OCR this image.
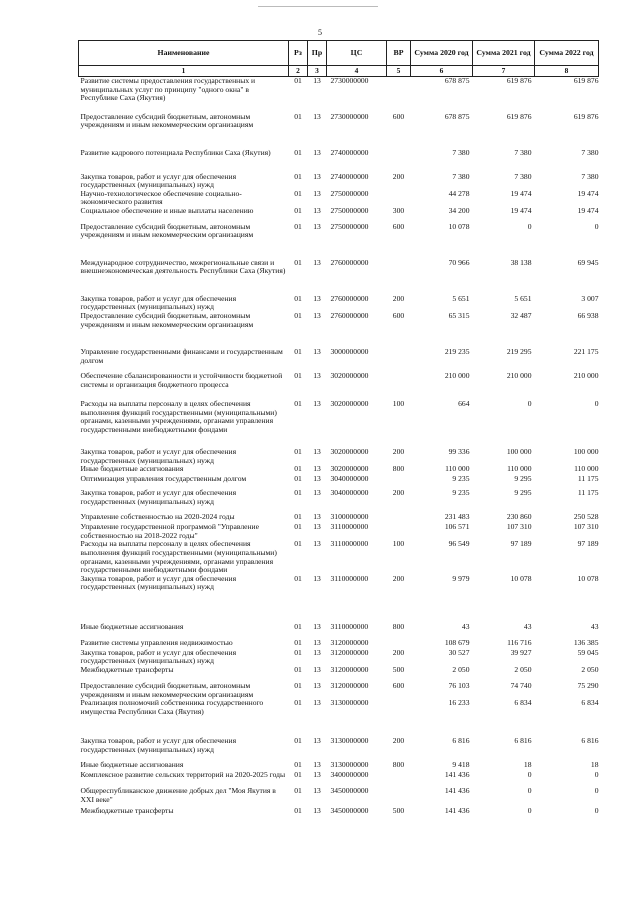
5
Наименование	Рз	Пр	ЦС	ВР	Сумма 2020 год	Сумма 2021 год	Сумма 2022 год
1	2	3	4	5	6	7	8
Развитие системы предоставления государственных и муниципальных услуг по принципу "одного окна" в Республике Саха (Якутия)	01	13	2730000000		678 875	619 876	619 876
Предоставление субсидий бюджетным, автономным учреждениям и иным некоммерческим организациям	01	13	2730000000	600	678 875	619 876	619 876
Развитие кадрового потенциала Республики Саха (Якутия)	01	13	2740000000		7 380	7 380	7 380
Закупка товаров, работ и услуг для обеспечения государственных (муниципальных) нужд	01	13	2740000000	200	7 380	7 380	7 380
Научно-технологическое обеспечение социально-экономического развития	01	13	2750000000		44 278	19 474	19 474
Социальное обеспечение и иные выплаты населению	01	13	2750000000	300	34 200	19 474	19 474
Предоставление субсидий бюджетным, автономным учреждениям и иным некоммерческим организациям	01	13	2750000000	600	10 078	0	0
Международное сотрудничество, межрегиональные связи и внешнеэкономическая деятельность Республики Саха (Якутия)	01	13	2760000000		70 966	38 138	69 945
Закупка товаров, работ и услуг для обеспечения государственных (муниципальных) нужд	01	13	2760000000	200	5 651	5 651	3 007
Предоставление субсидий бюджетным, автономным учреждениям и иным некоммерческим организациям	01	13	2760000000	600	65 315	32 487	66 938
Управление государственными финансами и государственным долгом	01	13	3000000000		219 235	219 295	221 175
Обеспечение сбалансированности и устойчивости бюджетной системы и организация бюджетного процесса	01	13	3020000000		210 000	210 000	210 000
Расходы на выплаты персоналу в целях обеспечения выполнения функций государственными (муниципальными) органами, казенными учреждениями, органами управления государственными внебюджетными фондами	01	13	3020000000	100	664	0	0
Закупка товаров, работ и услуг для обеспечения государственных (муниципальных) нужд	01	13	3020000000	200	99 336	100 000	100 000
Иные бюджетные ассигнования	01	13	3020000000	800	110 000	110 000	110 000
Оптимизация управления государственным долгом	01	13	3040000000		9 235	9 295	11 175
Закупка товаров, работ и услуг для обеспечения государственных (муниципальных) нужд	01	13	3040000000	200	9 235	9 295	11 175
Управление собственностью на 2020-2024 годы	01	13	3100000000		231 483	230 860	250 528
Управление государственной программой "Управление собственностью на 2018-2022 годы"	01	13	3110000000		106 571	107 310	107 310
Расходы на выплаты персоналу в целях обеспечения выполнения функций государственными (муниципальными) органами, казенными учреждениями, органами управления государственными внебюджетными фондами	01	13	3110000000	100	96 549	97 189	97 189
Закупка товаров, работ и услуг для обеспечения государственных (муниципальных) нужд	01	13	3110000000	200	9 979	10 078	10 078
Иные бюджетные ассигнования	01	13	3110000000	800	43	43	43
Развитие системы управления недвижимостью	01	13	3120000000		108 679	116 716	136 385
Закупка товаров, работ и услуг для обеспечения государственных (муниципальных) нужд	01	13	3120000000	200	30 527	39 927	59 045
Межбюджетные трансферты	01	13	3120000000	500	2 050	2 050	2 050
Предоставление субсидий бюджетным, автономным учреждениям и иным некоммерческим организациям	01	13	3120000000	600	76 103	74 740	75 290
Реализация полномочий собственника государственного имущества Республики Саха (Якутия)	01	13	3130000000		16 233	6 834	6 834
Закупка товаров, работ и услуг для обеспечения государственных (муниципальных) нужд	01	13	3130000000	200	6 816	6 816	6 816
Иные бюджетные ассигнования	01	13	3130000000	800	9 418	18	18
Комплексное развитие сельских территорий на 2020-2025 годы	01	13	3400000000		141 436	0	0
Общереспубликанское движение добрых дел "Моя Якутия в XXI веке"	01	13	3450000000		141 436	0	0
Межбюджетные трансферты	01	13	3450000000	500	141 436	0	0
